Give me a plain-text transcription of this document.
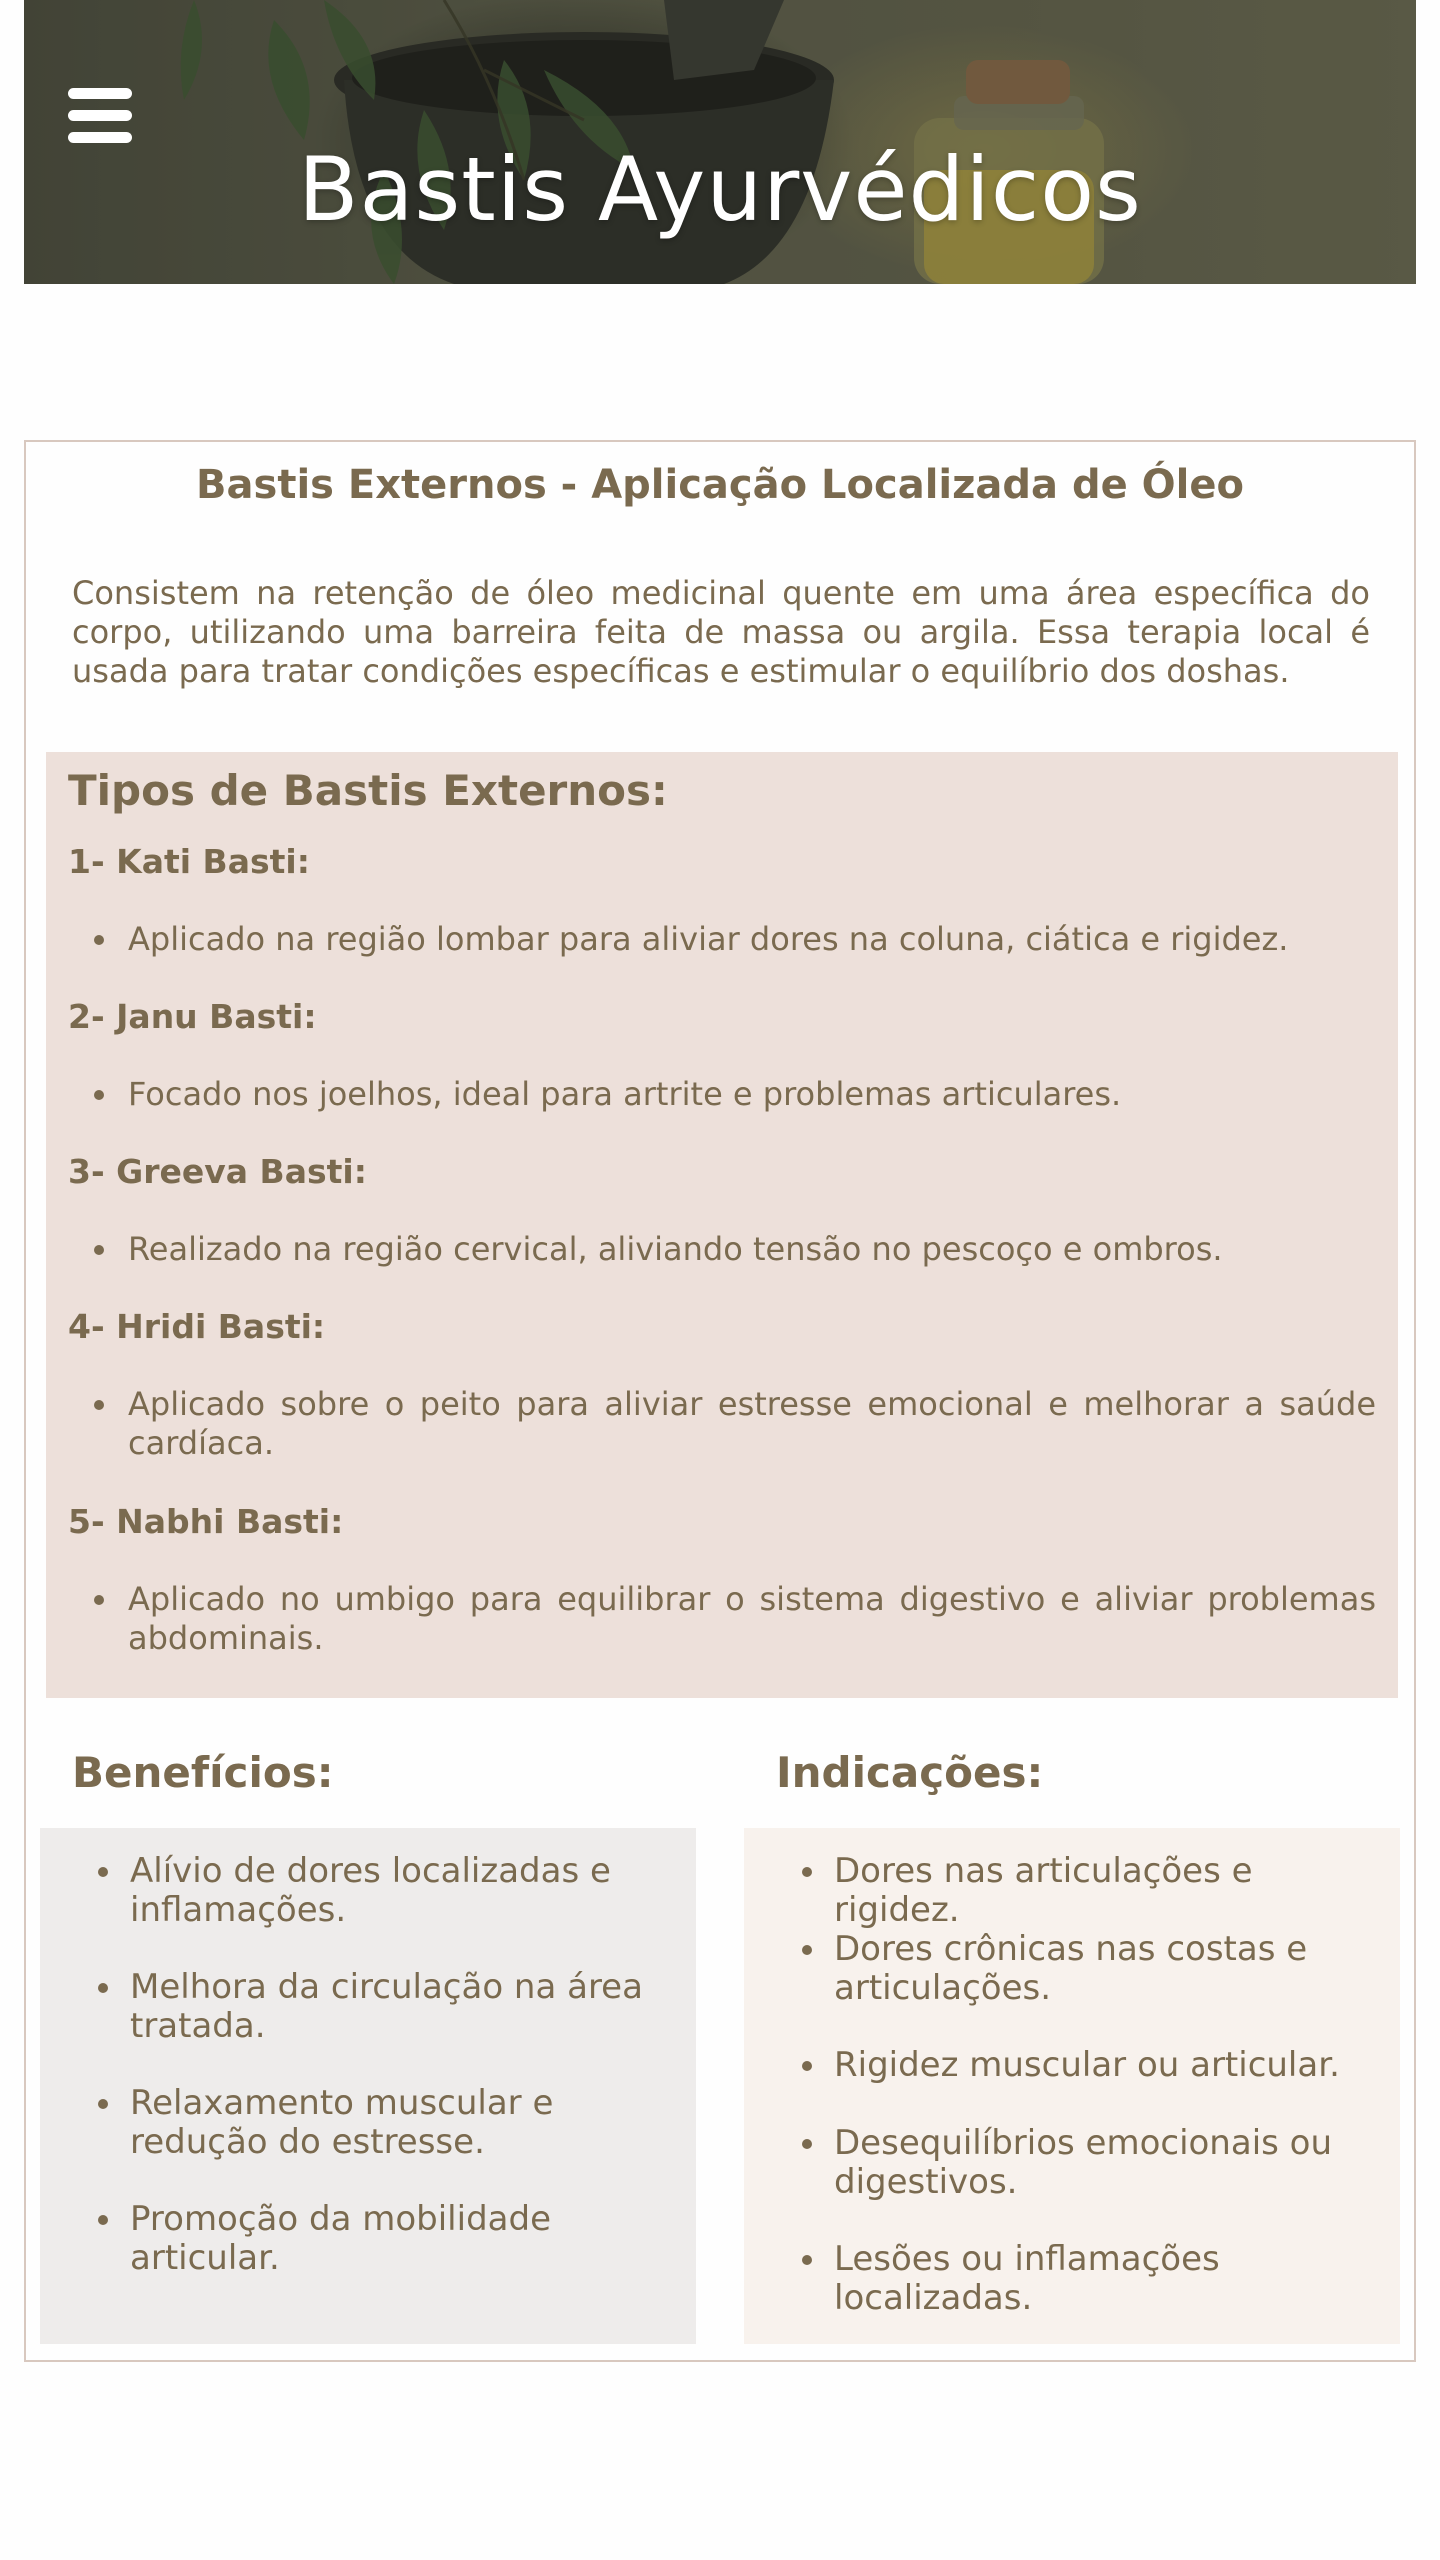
Bastis Ayurvédicos
Bastis Externos - Aplicação Localizada de Óleo

Consistem na retenção de óleo medicinal quente em uma área específica do corpo, utilizando uma barreira feita de massa ou argila. Essa terapia local é usada para tratar condições específicas e estimular o equilíbrio dos doshas.

Tipos de Bastis Externos:

1- Kati Basti:

Aplicado na região lombar para aliviar dores na coluna, ciática e rigidez.

2- Janu Basti:

Focado nos joelhos, ideal para artrite e problemas articulares.

3- Greeva Basti:

Realizado na região cervical, aliviando tensão no pescoço e ombros.

4- Hridi Basti:

Aplicado sobre o peito para aliviar estresse emocional e melhorar a saúde cardíaca.

5- Nabhi Basti:

Aplicado no umbigo para equilibrar o sistema digestivo e aliviar problemas abdominais.

Benefícios:	Indicações:

Alívio de dores localizadas e inflamações.

Melhora da circulação na área tratada.

Relaxamento muscular e redução do estresse.

Promoção da mobilidade articular.

Dores nas articulações e rigidez.

Dores crônicas nas costas e articulações.

Rigidez muscular ou articular.

Desequilíbrios emocionais ou digestivos.

Lesões ou inflamações localizadas.
